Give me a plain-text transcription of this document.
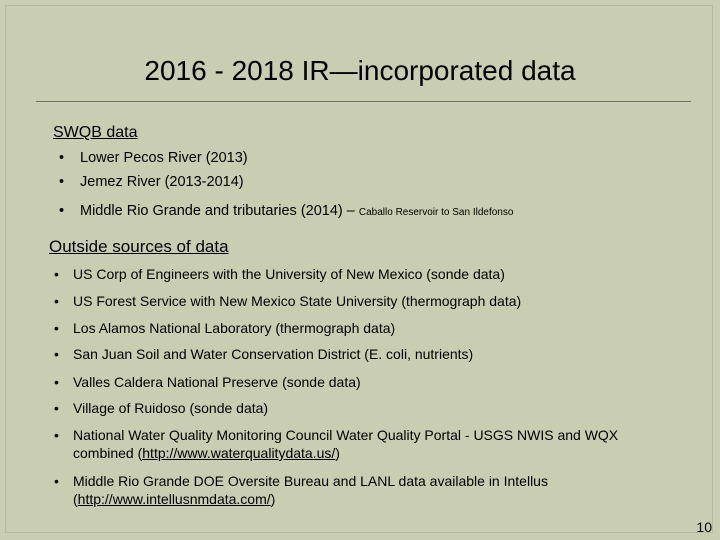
2016 - 2018 IR—incorporated data
SWQB data
• Lower Pecos River (2013)
• Jemez River (2013-2014)
• Middle Rio Grande and tributaries (2014) – Caballo Reservoir to San Ildefonso
Outside sources of data
• US Corp of Engineers with the University of New Mexico (sonde data)
• US Forest Service with New Mexico State University (thermograph data)
• Los Alamos National Laboratory (thermograph data)
• San Juan Soil and Water Conservation District (E. coli, nutrients)
• Valles Caldera National Preserve (sonde data)
• Village of Ruidoso (sonde data)
• National Water Quality Monitoring Council Water Quality Portal - USGS NWIS and WQX
combined (http://www.waterqualitydata.us/)
• Middle Rio Grande DOE Oversite Bureau and LANL data available in Intellus
(http://www.intellusnmdata.com/)
10
